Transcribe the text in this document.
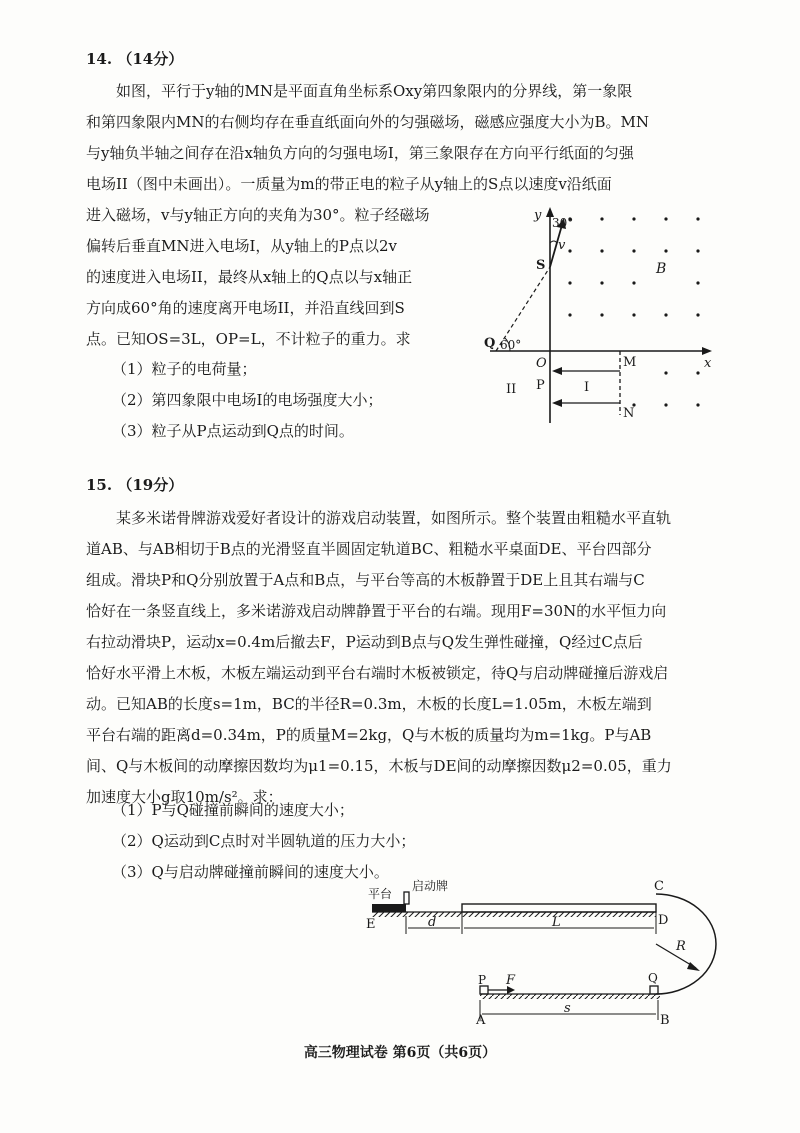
14. （14分）
如图，平行于y轴的MN是平面直角坐标系Oxy第四象限内的分界线，第一象限
和第四象限内MN的右侧均存在垂直纸面向外的匀强磁场，磁感应强度大小为B。MN
与y轴负半轴之间存在沿x轴负方向的匀强电场I，第三象限存在方向平行纸面的匀强
电场II（图中未画出）。一质量为m的带正电的粒子从y轴上的S点以速度v沿纸面
进入磁场，v与y轴正方向的夹角为30°。粒子经磁场
偏转后垂直MN进入电场I，从y轴上的P点以2v
的速度进入电场II，最终从x轴上的Q点以与x轴正
方向成60°角的速度离开电场II，并沿直线回到S
点。已知OS=3L，OP=L，不计粒子的重力。求
（1）粒子的电荷量；
（2）第四象限中电场I的电场强度大小；
（3）粒子从P点运动到Q点的时间。
y 30°
v
S	B
Q 60°
O	M	x
II P	I
N
15. （19分）
某多米诺骨牌游戏爱好者设计的游戏启动装置，如图所示。整个装置由粗糙水平直轨
道AB、与AB相切于B点的光滑竖直半圆固定轨道BC、粗糙水平桌面DE、平台四部分
组成。滑块P和Q分别放置于A点和B点，与平台等高的木板静置于DE上且其右端与C
恰好在一条竖直线上，多米诺游戏启动牌静置于平台的右端。现用F=30N的水平恒力向
右拉动滑块P，运动x=0.4m后撤去F，P运动到B点与Q发生弹性碰撞，Q经过C点后
恰好水平滑上木板，木板左端运动到平台右端时木板被锁定，待Q与启动牌碰撞后游戏启
动。已知AB的长度s=1m，BC的半径R=0.3m，木板的长度L=1.05m，木板左端到
平台右端的距离d=0.34m，P的质量M=2kg，Q与木板的质量均为m=1kg。P与AB
间、Q与木板间的动摩擦因数均为μ1=0.15，木板与DE间的动摩擦因数μ2=0.05，重力
加速度大小g取10m/s²。求：
（1）P与Q碰撞前瞬间的速度大小；
（2）Q运动到C点时对半圆轨道的压力大小；
（3）Q与启动牌碰撞前瞬间的速度大小。
平台
启动牌	C
D
E	d	L
R
P F	Q
A
s
B
高三物理试卷 第6页（共6页）
